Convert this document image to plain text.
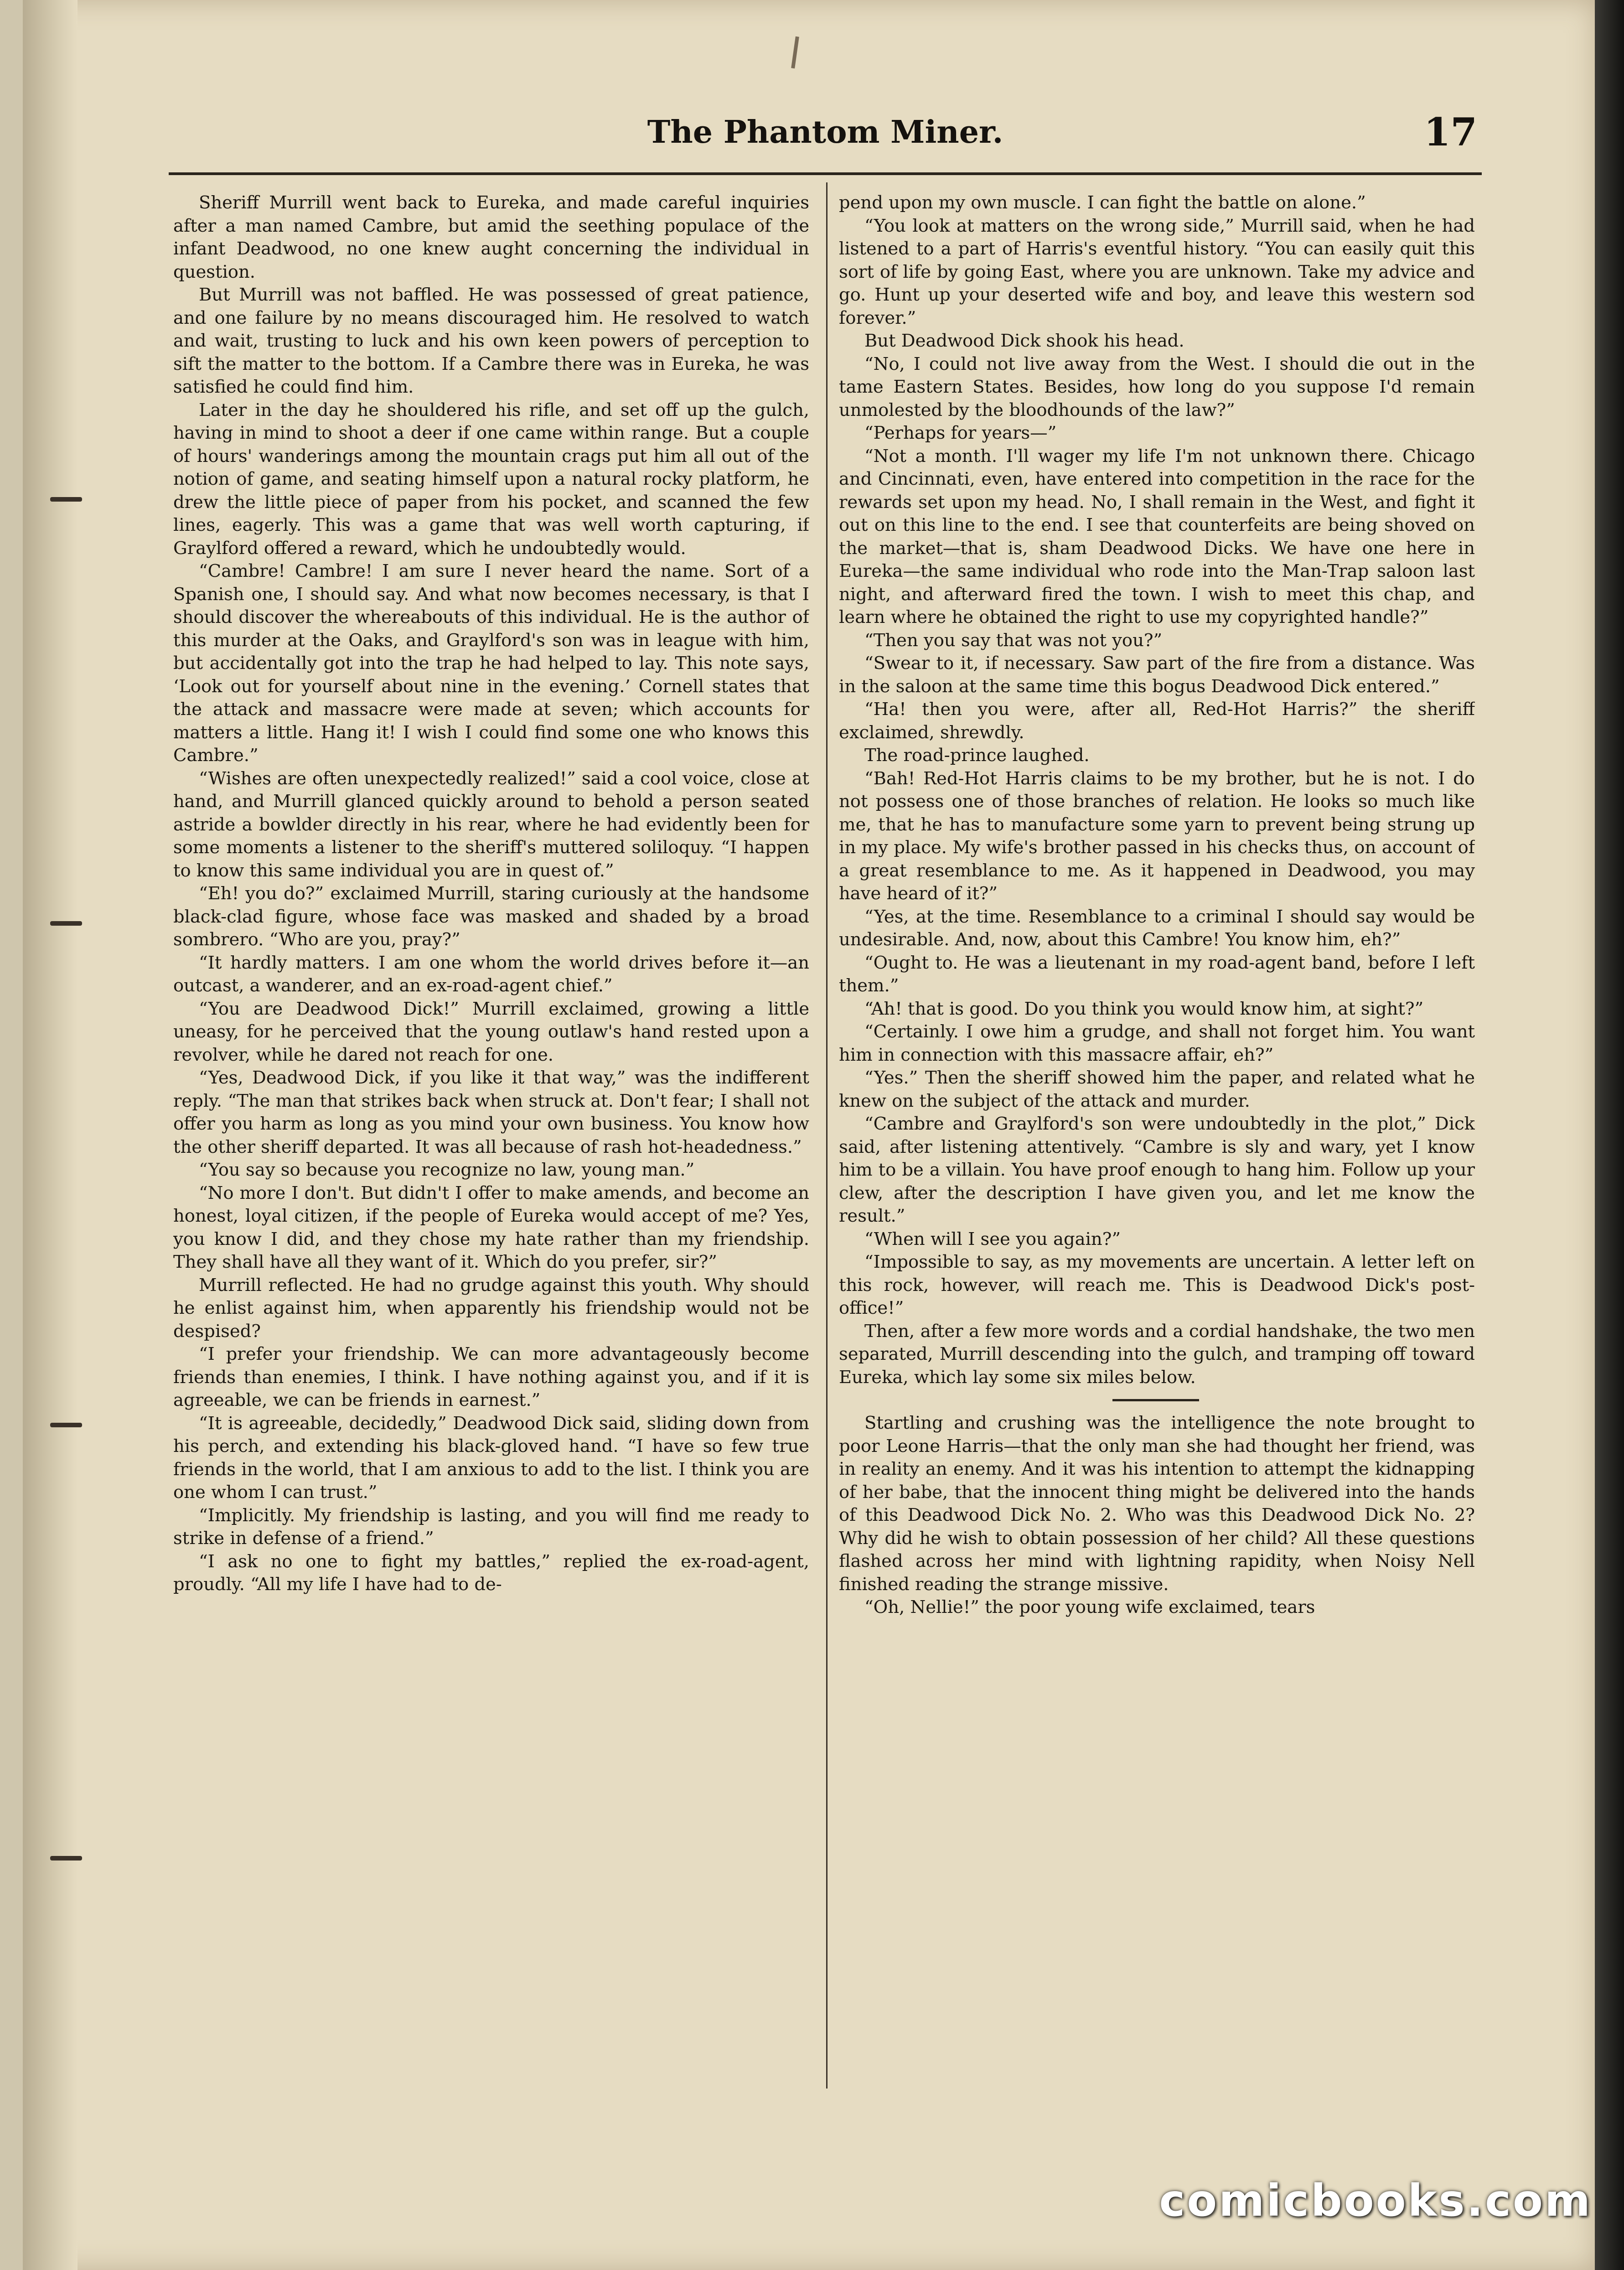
The Phantom Miner.	17

Sheriff Murrill went back to Eureka, and made careful inquiries after a man named Cambre, but amid the seething populace of the infant Deadwood, no one knew aught concerning the individual in question.

But Murrill was not baffled. He was possessed of great patience, and one failure by no means discouraged him. He resolved to watch and wait, trusting to luck and his own keen powers of perception to sift the matter to the bottom. If a Cambre there was in Eureka, he was satisfied he could find him.

Later in the day he shouldered his rifle, and set off up the gulch, having in mind to shoot a deer if one came within range. But a couple of hours' wanderings among the mountain crags put him all out of the notion of game, and seating himself upon a natural rocky platform, he drew the little piece of paper from his pocket, and scanned the few lines, eagerly. This was a game that was well worth capturing, if Graylford offered a reward, which he undoubtedly would.

“Cambre! Cambre! I am sure I never heard the name. Sort of a Spanish one, I should say. And what now becomes necessary, is that I should discover the whereabouts of this individual. He is the author of this murder at the Oaks, and Graylford's son was in league with him, but accidentally got into the trap he had helped to lay. This note says, ‘Look out for yourself about nine in the evening.’ Cornell states that the attack and massacre were made at seven; which accounts for matters a little. Hang it! I wish I could find some one who knows this Cambre.”

“Wishes are often unexpectedly realized!” said a cool voice, close at hand, and Murrill glanced quickly around to behold a person seated astride a bowlder directly in his rear, where he had evidently been for some moments a listener to the sheriff's muttered soliloquy. “I happen to know this same individual you are in quest of.”

“Eh! you do?” exclaimed Murrill, staring curiously at the handsome black-clad figure, whose face was masked and shaded by a broad sombrero. “Who are you, pray?”

“It hardly matters. I am one whom the world drives before it—an outcast, a wanderer, and an ex-road-agent chief.”

“You are Deadwood Dick!” Murrill exclaimed, growing a little uneasy, for he perceived that the young outlaw's hand rested upon a revolver, while he dared not reach for one.

“Yes, Deadwood Dick, if you like it that way,” was the indifferent reply. “The man that strikes back when struck at. Don't fear; I shall not offer you harm as long as you mind your own business. You know how the other sheriff departed. It was all because of rash hot-headedness.”

“You say so because you recognize no law, young man.”

“No more I don't. But didn't I offer to make amends, and become an honest, loyal citizen, if the people of Eureka would accept of me? Yes, you know I did, and they chose my hate rather than my friendship. They shall have all they want of it. Which do you prefer, sir?”

Murrill reflected. He had no grudge against this youth. Why should he enlist against him, when apparently his friendship would not be despised?

“I prefer your friendship. We can more advantageously become friends than enemies, I think. I have nothing against you, and if it is agreeable, we can be friends in earnest.”

“It is agreeable, decidedly,” Deadwood Dick said, sliding down from his perch, and extending his black-gloved hand. “I have so few true friends in the world, that I am anxious to add to the list. I think you are one whom I can trust.”

“Implicitly. My friendship is lasting, and you will find me ready to strike in defense of a friend.”

“I ask no one to fight my battles,” replied the ex-road-agent, proudly. “All my life I have had to de-

pend upon my own muscle. I can fight the battle on alone.”

“You look at matters on the wrong side,” Murrill said, when he had listened to a part of Harris's eventful history. “You can easily quit this sort of life by going East, where you are unknown. Take my advice and go. Hunt up your deserted wife and boy, and leave this western sod forever.”

But Deadwood Dick shook his head.

“No, I could not live away from the West. I should die out in the tame Eastern States. Besides, how long do you suppose I'd remain unmolested by the bloodhounds of the law?”

“Perhaps for years—”

“Not a month. I'll wager my life I'm not unknown there. Chicago and Cincinnati, even, have entered into competition in the race for the rewards set upon my head. No, I shall remain in the West, and fight it out on this line to the end. I see that counterfeits are being shoved on the market—that is, sham Deadwood Dicks. We have one here in Eureka—the same individual who rode into the Man-Trap saloon last night, and afterward fired the town. I wish to meet this chap, and learn where he obtained the right to use my copyrighted handle?”

“Then you say that was not you?”

“Swear to it, if necessary. Saw part of the fire from a distance. Was in the saloon at the same time this bogus Deadwood Dick entered.”

“Ha! then you were, after all, Red-Hot Harris?” the sheriff exclaimed, shrewdly.

The road-prince laughed.

“Bah! Red-Hot Harris claims to be my brother, but he is not. I do not possess one of those branches of relation. He looks so much like me, that he has to manufacture some yarn to prevent being strung up in my place. My wife's brother passed in his checks thus, on account of a great resemblance to me. As it happened in Deadwood, you may have heard of it?”

“Yes, at the time. Resemblance to a criminal I should say would be undesirable. And, now, about this Cambre! You know him, eh?”

“Ought to. He was a lieutenant in my road-agent band, before I left them.”

“Ah! that is good. Do you think you would know him, at sight?”

“Certainly. I owe him a grudge, and shall not forget him. You want him in connection with this massacre affair, eh?”

“Yes.” Then the sheriff showed him the paper, and related what he knew on the subject of the attack and murder.

“Cambre and Graylford's son were undoubtedly in the plot,” Dick said, after listening attentively. “Cambre is sly and wary, yet I know him to be a villain. You have proof enough to hang him. Follow up your clew, after the description I have given you, and let me know the result.”

“When will I see you again?”

“Impossible to say, as my movements are uncertain. A letter left on this rock, however, will reach me. This is Deadwood Dick's post-office!”

Then, after a few more words and a cordial handshake, the two men separated, Murrill descending into the gulch, and tramping off toward Eureka, which lay some six miles below.

Startling and crushing was the intelligence the note brought to poor Leone Harris—that the only man she had thought her friend, was in reality an enemy. And it was his intention to attempt the kidnapping of her babe, that the innocent thing might be delivered into the hands of this Deadwood Dick No. 2. Who was this Deadwood Dick No. 2? Why did he wish to obtain possession of her child? All these questions flashed across her mind with lightning rapidity, when Noisy Nell finished reading the strange missive.

“Oh, Nellie!” the poor young wife exclaimed, tears

comicbooks.com
